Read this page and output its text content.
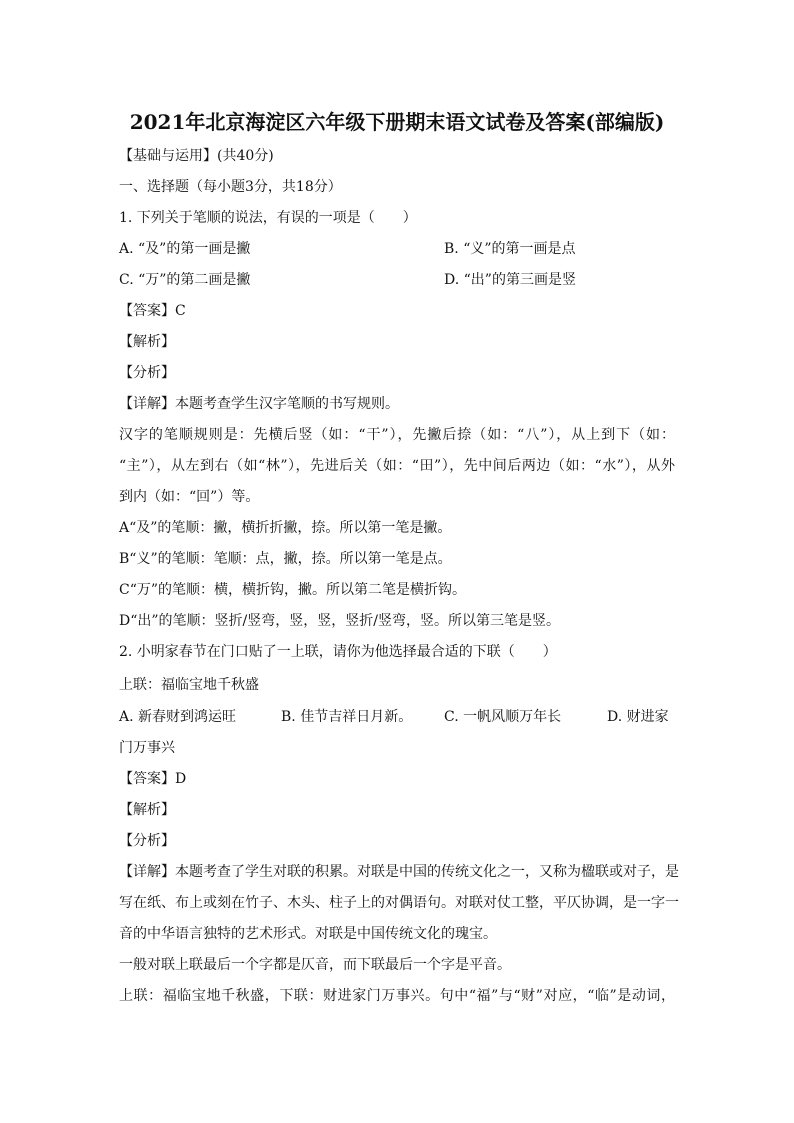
2021年北京海淀区六年级下册期末语文试卷及答案(部编版)
【基础与运用】(共40分)
一、选择题（每小题3分，共18分）
1. 下列关于笔顺的说法，有误的一项是（　　）
A. “及”的第一画是撇	B. “义”的第一画是点
C. “万”的第二画是撇	D. “出”的第三画是竖
【答案】C
【解析】
【分析】
【详解】本题考查学生汉字笔顺的书写规则。
汉字的笔顺规则是：先横后竖（如：“干”），先撇后捺（如：“八”），从上到下（如：
“主”），从左到右（如“林”），先进后关（如：“田”），先中间后两边（如：“水”），从外
到内（如：“回”）等。
A“及”的笔顺：撇，横折折撇，捺。所以第一笔是撇。
B“义”的笔顺：笔顺：点，撇，捺。所以第一笔是点。
C“万”的笔顺：横，横折钩，撇。所以第二笔是横折钩。
D“出”的笔顺：竖折/竖弯，竖，竖，竖折/竖弯，竖。所以第三笔是竖。
2. 小明家春节在门口贴了一上联，请你为他选择最合适的下联（　　）
上联：福临宝地千秋盛
A. 新春财到鸿运旺	B. 佳节吉祥日月新。 C. 一帆风顺万年长	D. 财进家
门万事兴
【答案】D
【解析】
【分析】
【详解】本题考查了学生对联的积累。对联是中国的传统文化之一，又称为楹联或对子，是
写在纸、布上或刻在竹子、木头、柱子上的对偶语句。对联对仗工整，平仄协调，是一字一
音的中华语言独特的艺术形式。对联是中国传统文化的瑰宝。
一般对联上联最后一个字都是仄音，而下联最后一个字是平音。
上联：福临宝地千秋盛，下联：财进家门万事兴。句中“福”与“财”对应，“临”是动词，
